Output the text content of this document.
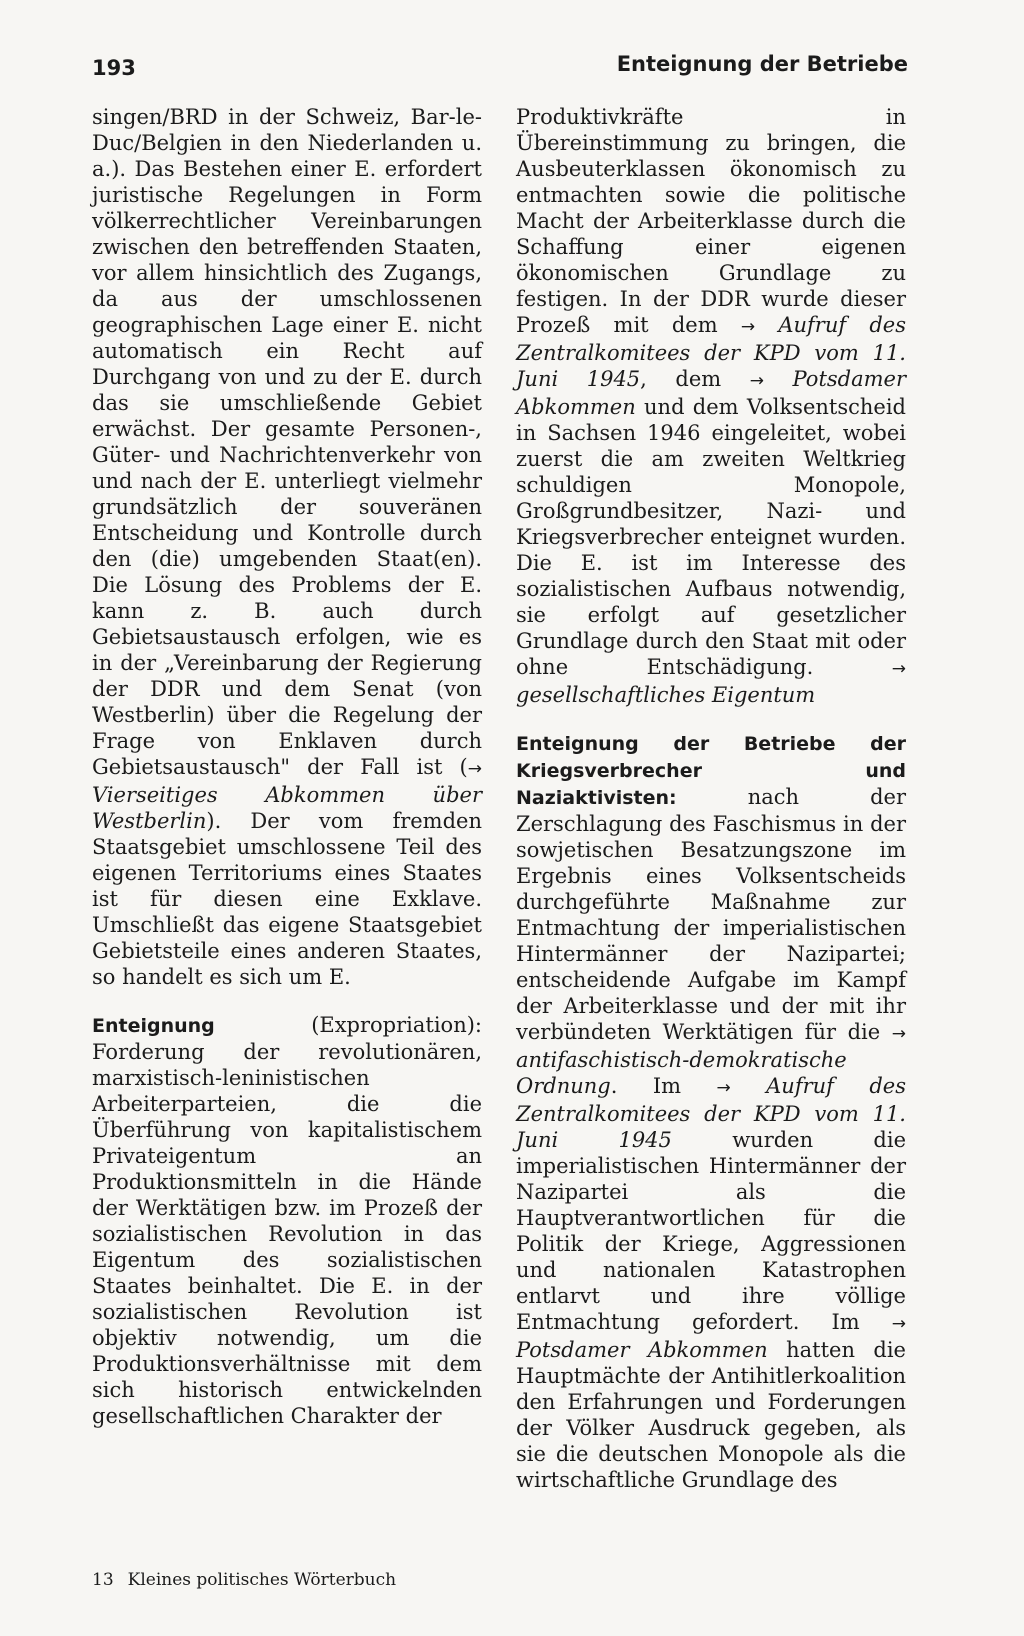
193	Enteignung der Betriebe

singen/BRD in der Schweiz, Bar-le-Duc/Belgien in den Niederlanden u. a.). Das Bestehen einer E. erfordert juristische Regelungen in Form völkerrechtlicher Vereinbarungen zwischen den betreffenden Staaten, vor allem hinsichtlich des Zugangs, da aus der umschlossenen geographischen Lage einer E. nicht automatisch ein Recht auf Durchgang von und zu der E. durch das sie umschließende Gebiet erwächst. Der gesamte Personen-, Güter- und Nachrichtenverkehr von und nach der E. unterliegt vielmehr grundsätzlich der souveränen Entscheidung und Kontrolle durch den (die) umgebenden Staat(en). Die Lösung des Problems der E. kann z. B. auch durch Gebietsaustausch erfolgen, wie es in der „Vereinbarung der Regierung der DDR und dem Senat (von Westberlin) über die Regelung der Frage von Enklaven durch Gebietsaustausch" der Fall ist (→ Vierseitiges Abkommen über Westberlin). Der vom fremden Staatsgebiet umschlossene Teil des eigenen Territoriums eines Staates ist für diesen eine Exklave. Umschließt das eigene Staatsgebiet Gebietsteile eines anderen Staates, so handelt es sich um E.

Enteignung (Expropriation): Forderung der revolutionären, marxistisch-leninistischen Arbeiterparteien, die die Überführung von kapitalistischem Privateigentum an Produktionsmitteln in die Hände der Werktätigen bzw. im Prozeß der sozialistischen Revolution in das Eigentum des sozialistischen Staates beinhaltet. Die E. in der sozialistischen Revolution ist objektiv notwendig, um die Produktionsverhältnisse mit dem sich historisch entwickelnden gesellschaftlichen Charakter der

Produktivkräfte in Übereinstimmung zu bringen, die Ausbeuterklassen ökonomisch zu entmachten sowie die politische Macht der Arbeiterklasse durch die Schaffung einer eigenen ökonomischen Grundlage zu festigen. In der DDR wurde dieser Prozeß mit dem → Aufruf des Zentralkomitees der KPD vom 11. Juni 1945, dem → Potsdamer Abkommen und dem Volksentscheid in Sachsen 1946 eingeleitet, wobei zuerst die am zweiten Weltkrieg schuldigen Monopole, Großgrundbesitzer, Nazi- und Kriegsverbrecher enteignet wurden. Die E. ist im Interesse des sozialistischen Aufbaus notwendig, sie erfolgt auf gesetzlicher Grundlage durch den Staat mit oder ohne Entschädigung. → gesellschaftliches Eigentum

Enteignung der Betriebe der Kriegsverbrecher und Naziaktivisten: nach der Zerschlagung des Faschismus in der sowjetischen Besatzungszone im Ergebnis eines Volksentscheids durchgeführte Maßnahme zur Entmachtung der imperialistischen Hintermänner der Nazipartei; entscheidende Aufgabe im Kampf der Arbeiterklasse und der mit ihr verbündeten Werktätigen für die → antifaschistisch-demokratische Ordnung. Im → Aufruf des Zentralkomitees der KPD vom 11. Juni 1945 wurden die imperialistischen Hintermänner der Nazipartei als die Hauptverantwortlichen für die Politik der Kriege, Aggressionen und nationalen Katastrophen entlarvt und ihre völlige Entmachtung gefordert. Im → Potsdamer Abkommen hatten die Hauptmächte der Antihitlerkoalition den Erfahrungen und Forderungen der Völker Ausdruck gegeben, als sie die deutschen Monopole als die wirtschaftliche Grundlage des

13 Kleines politisches Wörterbuch
